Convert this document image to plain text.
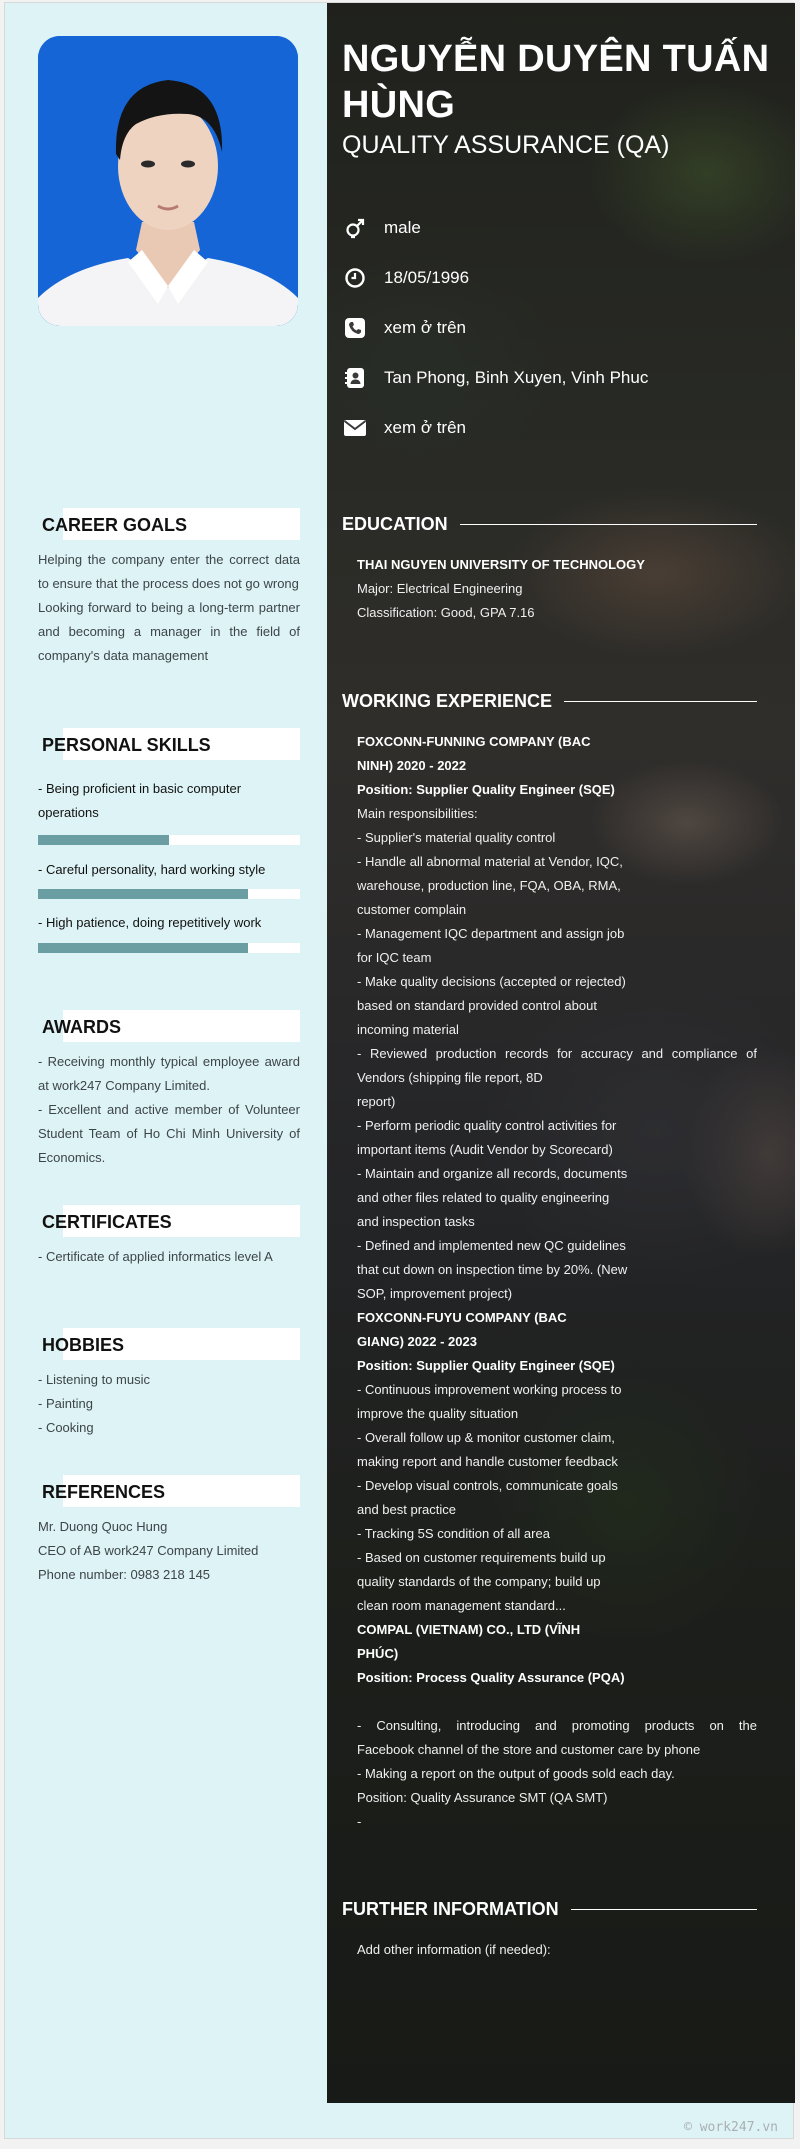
CAREER GOALS
Helping the company enter the correct data to ensure that the process does not go wrong
Looking forward to being a long-term partner and becoming a manager in the field of company's data management
PERSONAL SKILLS
- Being proficient in basic computer operations
- Careful personality, hard working style
- High patience, doing repetitively work
AWARDS
- Receiving monthly typical employee award at work247 Company Limited.
- Excellent and active member of Volunteer Student Team of Ho Chi Minh University of Economics.
CERTIFICATES
- Certificate of applied informatics level A
HOBBIES
- Listening to music
- Painting
- Cooking
REFERENCES
Mr. Duong Quoc Hung
CEO of AB work247 Company Limited
Phone number: 0983 218 145
NGUYỄN DUYÊN TUẤN HÙNG
QUALITY ASSURANCE (QA)
male
18/05/1996
xem ở trên
Tan Phong, Binh Xuyen, Vinh Phuc
xem ở trên
EDUCATION
THAI NGUYEN UNIVERSITY OF TECHNOLOGY
Major: Electrical Engineering
Classification: Good, GPA 7.16
WORKING EXPERIENCE
FOXCONN-FUNNING COMPANY (BAC
NINH) 2020 - 2022
Position: Supplier Quality Engineer (SQE)
Main responsibilities:
- Supplier's material quality control
- Handle all abnormal material at Vendor, IQC,
warehouse, production line, FQA, OBA, RMA,
customer complain
- Management IQC department and assign job
for IQC team
- Make quality decisions (accepted or rejected)
based on standard provided control about
incoming material
- Reviewed production records for accuracy and compliance of
Vendors (shipping file report, 8D
report)
- Perform periodic quality control activities for
important items (Audit Vendor by Scorecard)
- Maintain and organize all records, documents
and other files related to quality engineering
and inspection tasks
- Defined and implemented new QC guidelines
that cut down on inspection time by 20%. (New
SOP, improvement project)
FOXCONN-FUYU COMPANY (BAC
GIANG) 2022 - 2023
Position: Supplier Quality Engineer (SQE)
- Continuous improvement working process to
improve the quality situation
- Overall follow up & monitor customer claim,
making report and handle customer feedback
- Develop visual controls, communicate goals
and best practice
- Tracking 5S condition of all area
- Based on customer requirements build up
quality standards of the company; build up
clean room management standard...
COMPAL (VIETNAM) CO., LTD (VĨNH
PHÚC)
Position: Process Quality Assurance (PQA)
- Consulting, introducing and promoting products on the
Facebook channel of the store and customer care by phone
- Making a report on the output of goods sold each day.
Position: Quality Assurance SMT (QA SMT)
-
FURTHER INFORMATION
Add other information (if needed):
© work247.vn
